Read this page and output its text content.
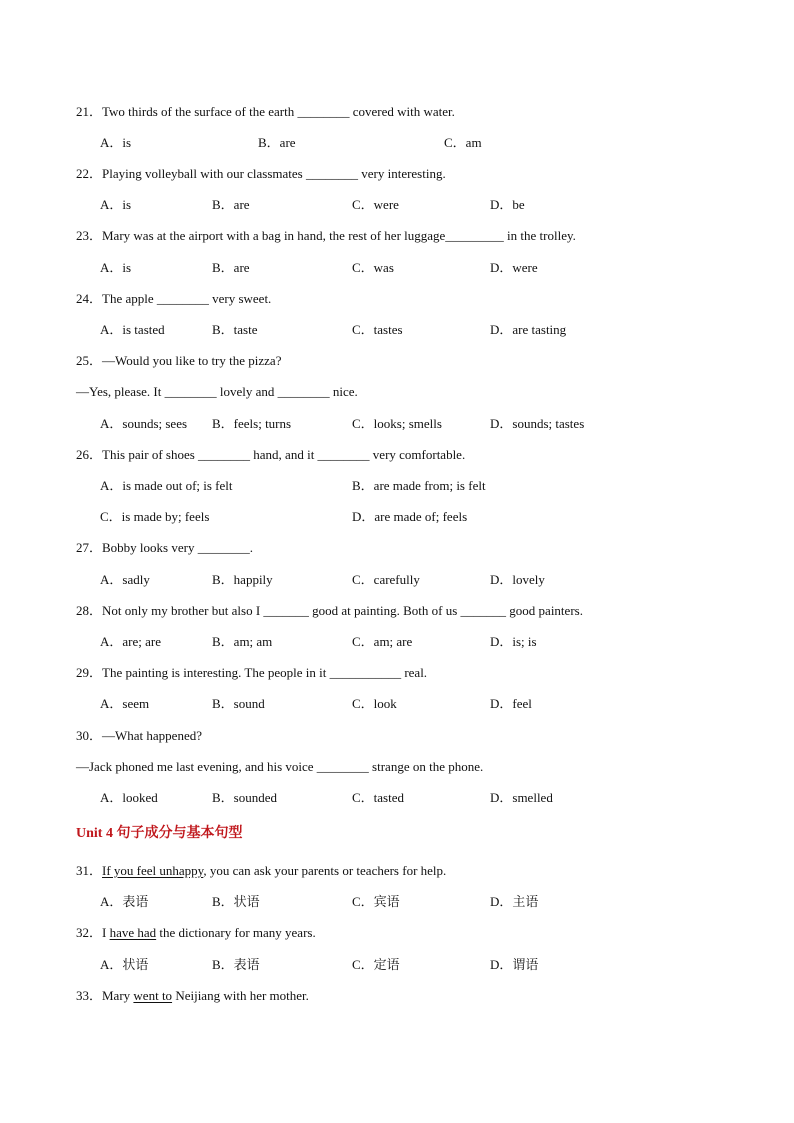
21．Two thirds of the surface of the earth ________ covered with water.
A．is	B．are	C．am
22．Playing volleyball with our classmates ________ very interesting.
A．is	B．are	C．were	D．be
23．Mary was at the airport with a bag in hand, the rest of her luggage_________ in the trolley.
A．is	B．are	C．was	D．were
24．The apple ________ very sweet.
A．is tasted	B．taste	C．tastes	D．are tasting
25．—Would you like to try the pizza?
—Yes, please. It ________ lovely and ________ nice.
A．sounds; sees B．feels; turns	C．looks; smells	D．sounds; tastes
26．This pair of shoes ________ hand, and it ________ very comfortable.
A．is made out of; is felt	B．are made from; is felt
C．is made by; feels	D．are made of; feels
27．Bobby looks very ________.
A．sadly	B．happily	C．carefully	D．lovely
28．Not only my brother but also I _______ good at painting. Both of us _______ good painters.
A．are; are	B．am; am	C．am; are	D．is; is
29．The painting is interesting. The people in it ___________ real.
A．seem	B．sound	C．look	D．feel
30．—What happened?
—Jack phoned me last evening, and his voice ________ strange on the phone.
A．looked	B．sounded	C．tasted	D．smelled
Unit 4 句子成分与基本句型
31．If you feel unhappy, you can ask your parents or teachers for help.
A．表语	B．状语	C．宾语	D．主语
32．I have had the dictionary for many years.
A．状语	B．表语	C．定语	D．谓语
33．Mary went to Neijiang with her mother.
